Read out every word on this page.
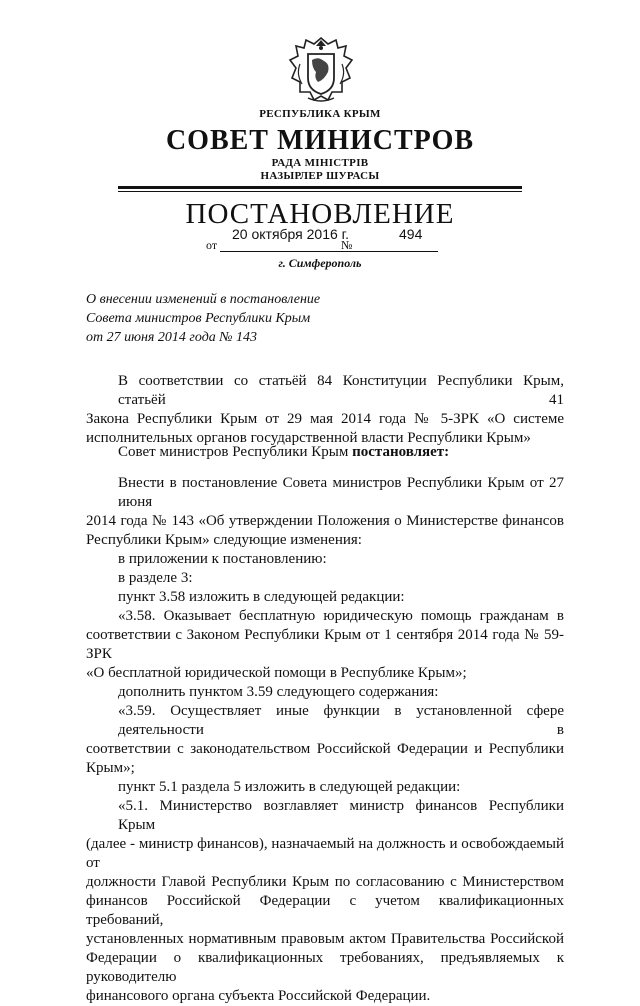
РЕСПУБЛИКА КРЫМ
СОВЕТ МИНИСТРОВ
РАДА МІНІСТРІВ
НАЗЫРЛЕР ШУРАСЫ
ПОСТАНОВЛЕНИЕ
от	№
20 октября 2016 г.	494
г. Симферополь

О внесении изменений в постановление

Совета министров Республики Крым

от 27 июня 2014 года № 143

В соответствии со статьёй 84 Конституции Республики Крым, статьёй 41

Закона Республики Крым от 29 мая 2014 года № 5-ЗРК «О системе

исполнительных органов государственной власти Республики Крым»

Совет министров Республики Крым постановляет:

Внести в постановление Совета министров Республики Крым от 27 июня

2014 года № 143 «Об утверждении Положения о Министерстве финансов

Республики Крым» следующие изменения:

в приложении к постановлению:

в разделе 3:

пункт 3.58 изложить в следующей редакции:

«3.58. Оказывает бесплатную юридическую помощь гражданам в

соответствии с Законом Республики Крым от 1 сентября 2014 года № 59-ЗРК

«О бесплатной юридической помощи в Республике Крым»;

дополнить пунктом 3.59 следующего содержания:

«3.59. Осуществляет иные функции в установленной сфере деятельности в

соответствии с законодательством Российской Федерации и Республики

Крым»;

пункт 5.1 раздела 5 изложить в следующей редакции:

«5.1. Министерство возглавляет министр финансов Республики Крым

(далее - министр финансов), назначаемый на должность и освобождаемый от

должности Главой Республики Крым по согласованию с Министерством

финансов Российской Федерации с учетом квалификационных требований,

установленных нормативным правовым актом Правительства Российской

Федерации о квалификационных требованиях, предъявляемых к руководителю

финансового органа субъекта Российской Федерации.
